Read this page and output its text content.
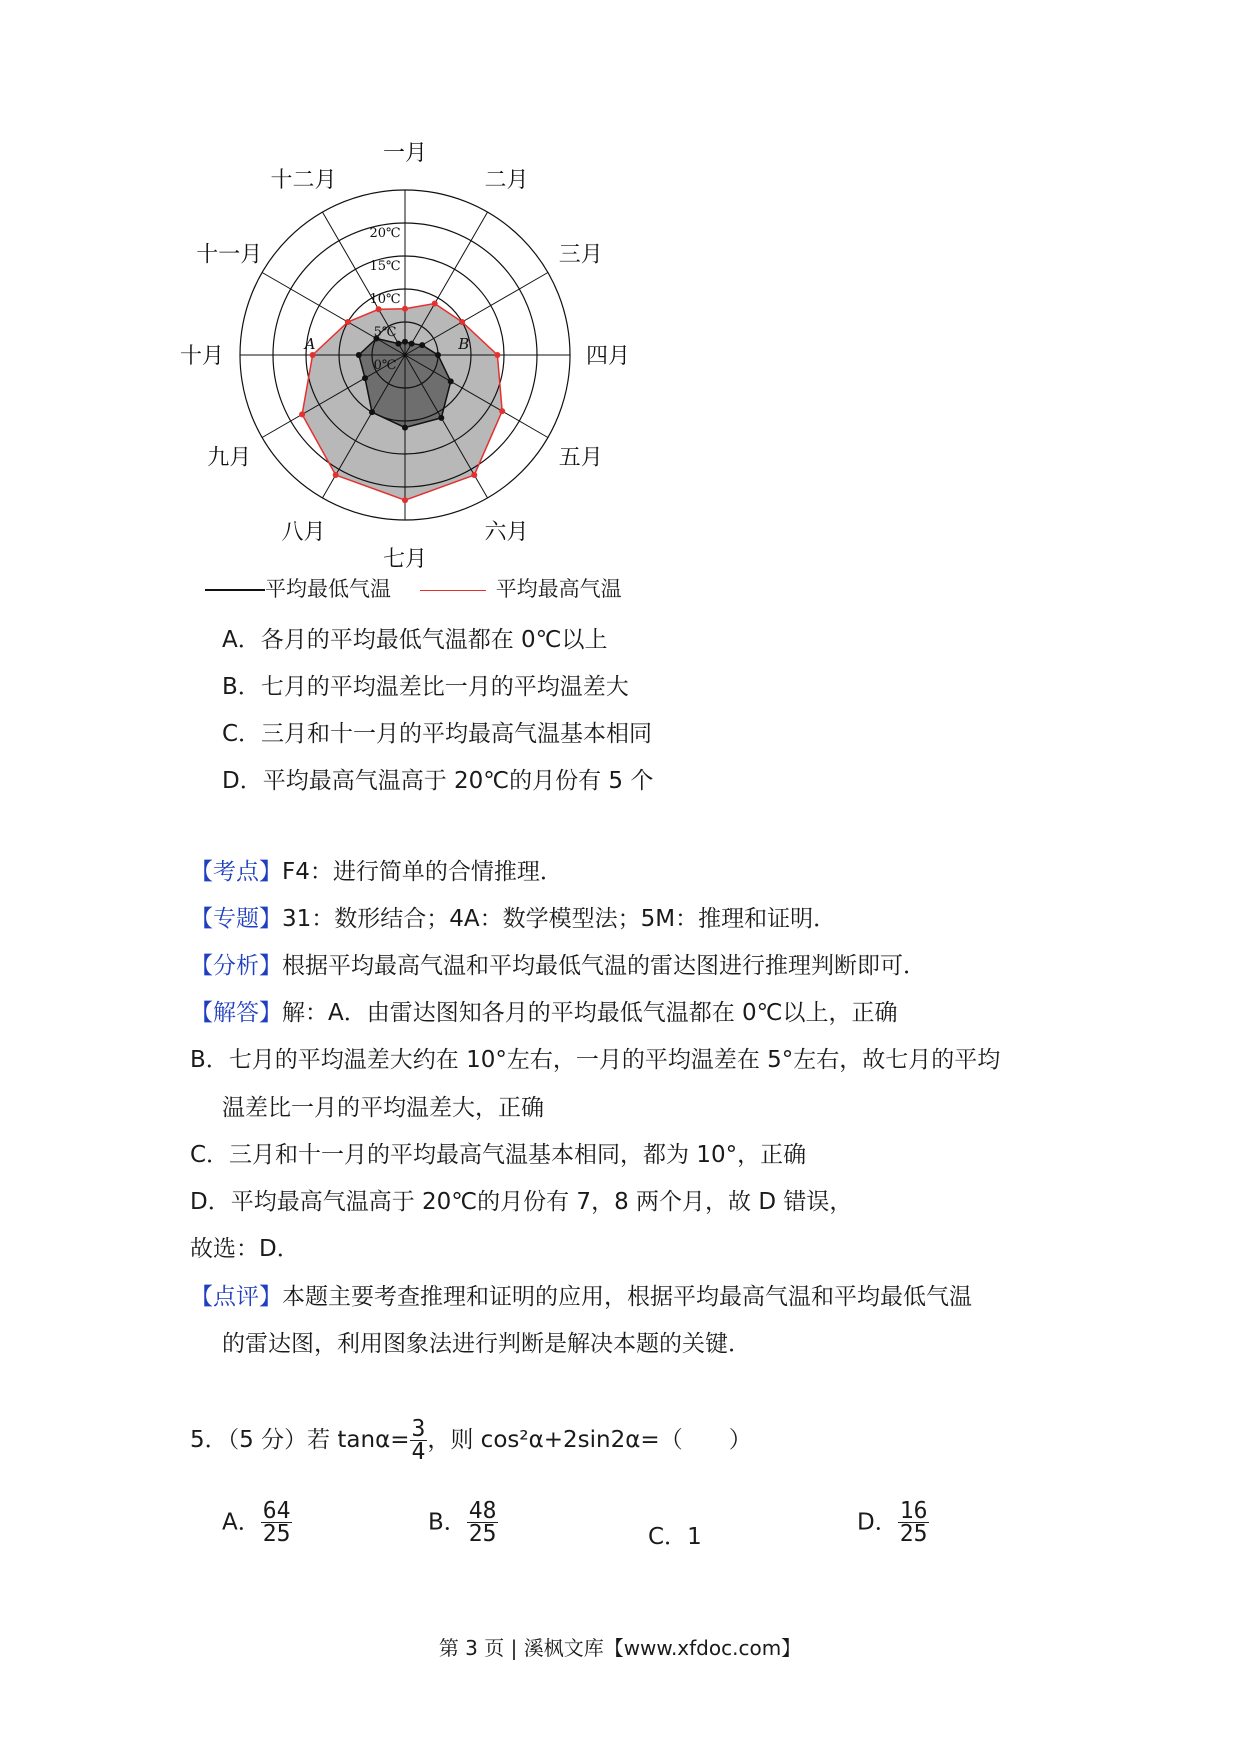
0℃
5℃
10℃
15℃
20℃
一月
二月
三月
四月
五月
六月
七月
八月
九月
十月
十一月
十二月
A	B
平均最低气温	平均最高气温
A．各月的平均最低气温都在 0℃以上
B．七月的平均温差比一月的平均温差大
C．三月和十一月的平均最高气温基本相同
D．平均最高气温高于 20℃的月份有 5 个
【考点】F4：进行简单的合情推理．
【专题】31：数形结合；4A：数学模型法；5M：推理和证明．
【分析】根据平均最高气温和平均最低气温的雷达图进行推理判断即可．
【解答】解：A．由雷达图知各月的平均最低气温都在 0℃以上，正确
B．七月的平均温差大约在 10°左右，一月的平均温差在 5°左右，故七月的平均
温差比一月的平均温差大，正确
C．三月和十一月的平均最高气温基本相同，都为 10°，正确
D．平均最高气温高于 20℃的月份有 7，8 两个月，故 D 错误，
故选：D．
【点评】本题主要考查推理和证明的应用，根据平均最高气温和平均最低气温
的雷达图，利用图象法进行判断是解决本题的关键．
5．（5 分）若 $\tan\alpha= \frac{3}{4}$ ，则 cos²α+2sin2α=（　　）
A． $\frac{64}{25}$	B． $\frac{48}{25}$	C．1
D． $\frac{16}{25}$
第 3 页 | 溪枫文库【www.xfdoc.com】
